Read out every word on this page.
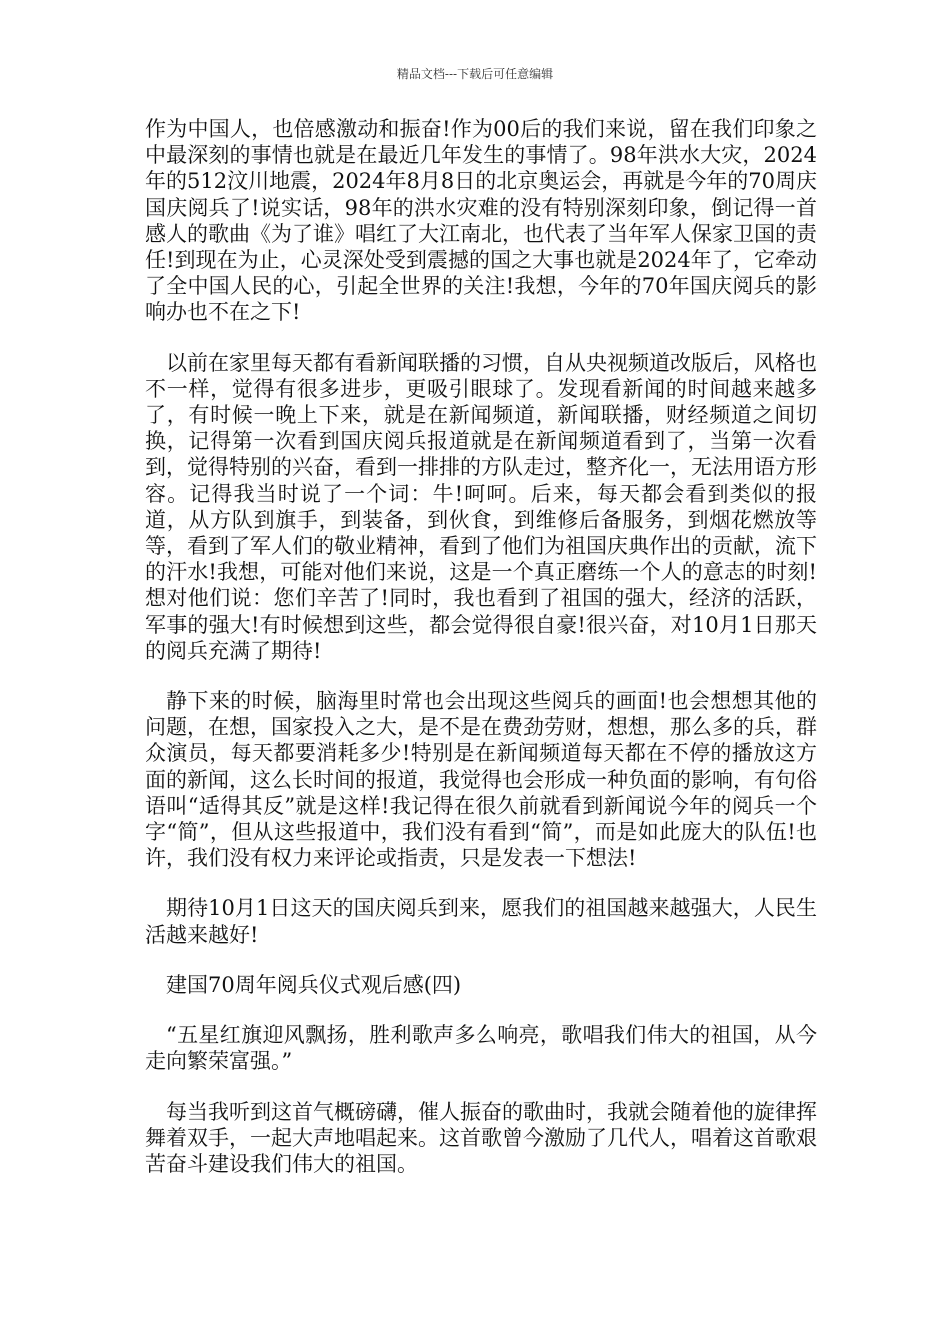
精品文档---下载后可任意编辑

作为中国人，也倍感激动和振奋!作为00后的我们来说，留在我们印象之中最深刻的事情也就是在最近几年发生的事情了。98年洪水大灾，2024年的512汶川地震，2024年8月8日的北京奥运会，再就是今年的70周庆国庆阅兵了!说实话，98年的洪水灾难的没有特别深刻印象，倒记得一首感人的歌曲《为了谁》唱红了大江南北，也代表了当年军人保家卫国的责任!到现在为止，心灵深处受到震撼的国之大事也就是2024年了，它牵动了全中国人民的心，引起全世界的关注!我想，今年的70年国庆阅兵的影响办也不在之下!

以前在家里每天都有看新闻联播的习惯，自从央视频道改版后，风格也不一样，觉得有很多进步，更吸引眼球了。发现看新闻的时间越来越多了，有时候一晚上下来，就是在新闻频道，新闻联播，财经频道之间切换，记得第一次看到国庆阅兵报道就是在新闻频道看到了，当第一次看到，觉得特别的兴奋，看到一排排的方队走过，整齐化一，无法用语方形容。记得我当时说了一个词：牛!呵呵。后来，每天都会看到类似的报道，从方队到旗手，到装备，到伙食，到维修后备服务，到烟花燃放等等，看到了军人们的敬业精神，看到了他们为祖国庆典作出的贡献，流下的汗水!我想，可能对他们来说，这是一个真正磨练一个人的意志的时刻!想对他们说：您们辛苦了!同时，我也看到了祖国的强大，经济的活跃，军事的强大!有时候想到这些，都会觉得很自豪!很兴奋，对10月1日那天的阅兵充满了期待!

静下来的时候，脑海里时常也会出现这些阅兵的画面!也会想想其他的问题，在想，国家投入之大，是不是在费劲劳财，想想，那么多的兵，群众演员，每天都要消耗多少!特别是在新闻频道每天都在不停的播放这方面的新闻，这么长时间的报道，我觉得也会形成一种负面的影响，有句俗语叫“适得其反”就是这样!我记得在很久前就看到新闻说今年的阅兵一个字“简”，但从这些报道中，我们没有看到“简”，而是如此庞大的队伍!也许，我们没有权力来评论或指责，只是发表一下想法!

期待10月1日这天的国庆阅兵到来，愿我们的祖国越来越强大，人民生活越来越好!

建国70周年阅兵仪式观后感(四)

“五星红旗迎风飘扬，胜利歌声多么响亮，歌唱我们伟大的祖国，从今走向繁荣富强。”

每当我听到这首气概磅礴，催人振奋的歌曲时，我就会随着他的旋律挥舞着双手，一起大声地唱起来。这首歌曾今激励了几代人，唱着这首歌艰苦奋斗建设我们伟大的祖国。
